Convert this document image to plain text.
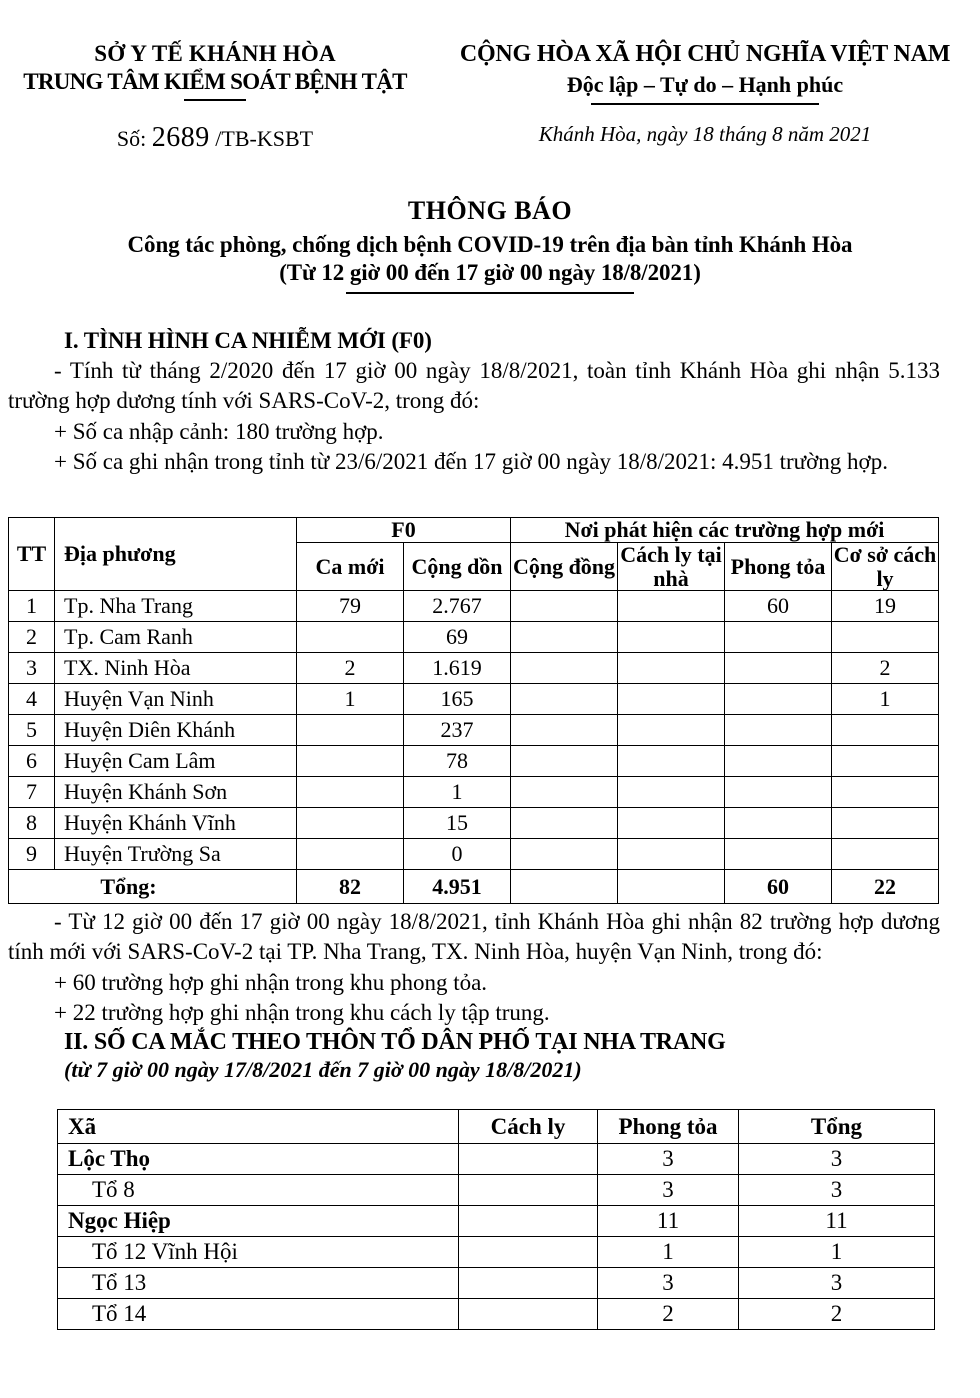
SỞ Y TẾ KHÁNH HÒA
TRUNG TÂM KIỂM SOÁT BỆNH TẬT
CỘNG HÒA XÃ HỘI CHỦ NGHĨA VIỆT NAM
Độc lập – Tự do – Hạnh phúc
Số: 2689 /TB-KSBT	Khánh Hòa, ngày 18 tháng 8 năm 2021
THÔNG BÁO
Công tác phòng, chống dịch bệnh COVID-19 trên địa bàn tỉnh Khánh Hòa
(Từ 12 giờ 00 đến 17 giờ 00 ngày 18/8/2021)
I. TÌNH HÌNH CA NHIỄM MỚI (F0)
- Tính từ tháng 2/2020 đến 17 giờ 00 ngày 18/8/2021, toàn tỉnh Khánh Hòa ghi nhận 5.133 trường hợp dương tính với SARS-CoV-2, trong đó:
+ Số ca nhập cảnh: 180 trường hợp.
+ Số ca ghi nhận trong tỉnh từ 23/6/2021 đến 17 giờ 00 ngày 18/8/2021: 4.951 trường hợp.
TT	Địa phương	F0		Nơi phát hiện các trường hợp mới			
		Ca mới	Cộng dồn	Cộng đồng	Cách ly tại nhà	Phong tỏa	Cơ sở cách ly
1	Tp. Nha Trang	79	2.767			60	19
2	Tp. Cam Ranh		69				
3	TX. Ninh Hòa	2	1.619				2
4	Huyện Vạn Ninh	1	165				1
5	Huyện Diên Khánh		237				
6	Huyện Cam Lâm		78				
7	Huyện Khánh Sơn		1				
8	Huyện Khánh Vĩnh		15				
9	Huyện Trường Sa		0				
Tổng:		82	4.951			60	22
- Từ 12 giờ 00 đến 17 giờ 00 ngày 18/8/2021, tỉnh Khánh Hòa ghi nhận 82 trường hợp dương tính mới với SARS-CoV-2 tại TP. Nha Trang, TX. Ninh Hòa, huyện Vạn Ninh, trong đó:
+ 60 trường hợp ghi nhận trong khu phong tỏa.
+ 22 trường hợp ghi nhận trong khu cách ly tập trung.
II. SỐ CA MẮC THEO THÔN TỔ DÂN PHỐ TẠI NHA TRANG
(từ 7 giờ 00 ngày 17/8/2021 đến 7 giờ 00 ngày 18/8/2021)
Xã	Cách ly	Phong tỏa	Tổng
Lộc Thọ		3	3
Tổ 8		3	3
Ngọc Hiệp		11	11
Tổ 12 Vĩnh Hội		1	1
Tổ 13		3	3
Tổ 14		2	2
